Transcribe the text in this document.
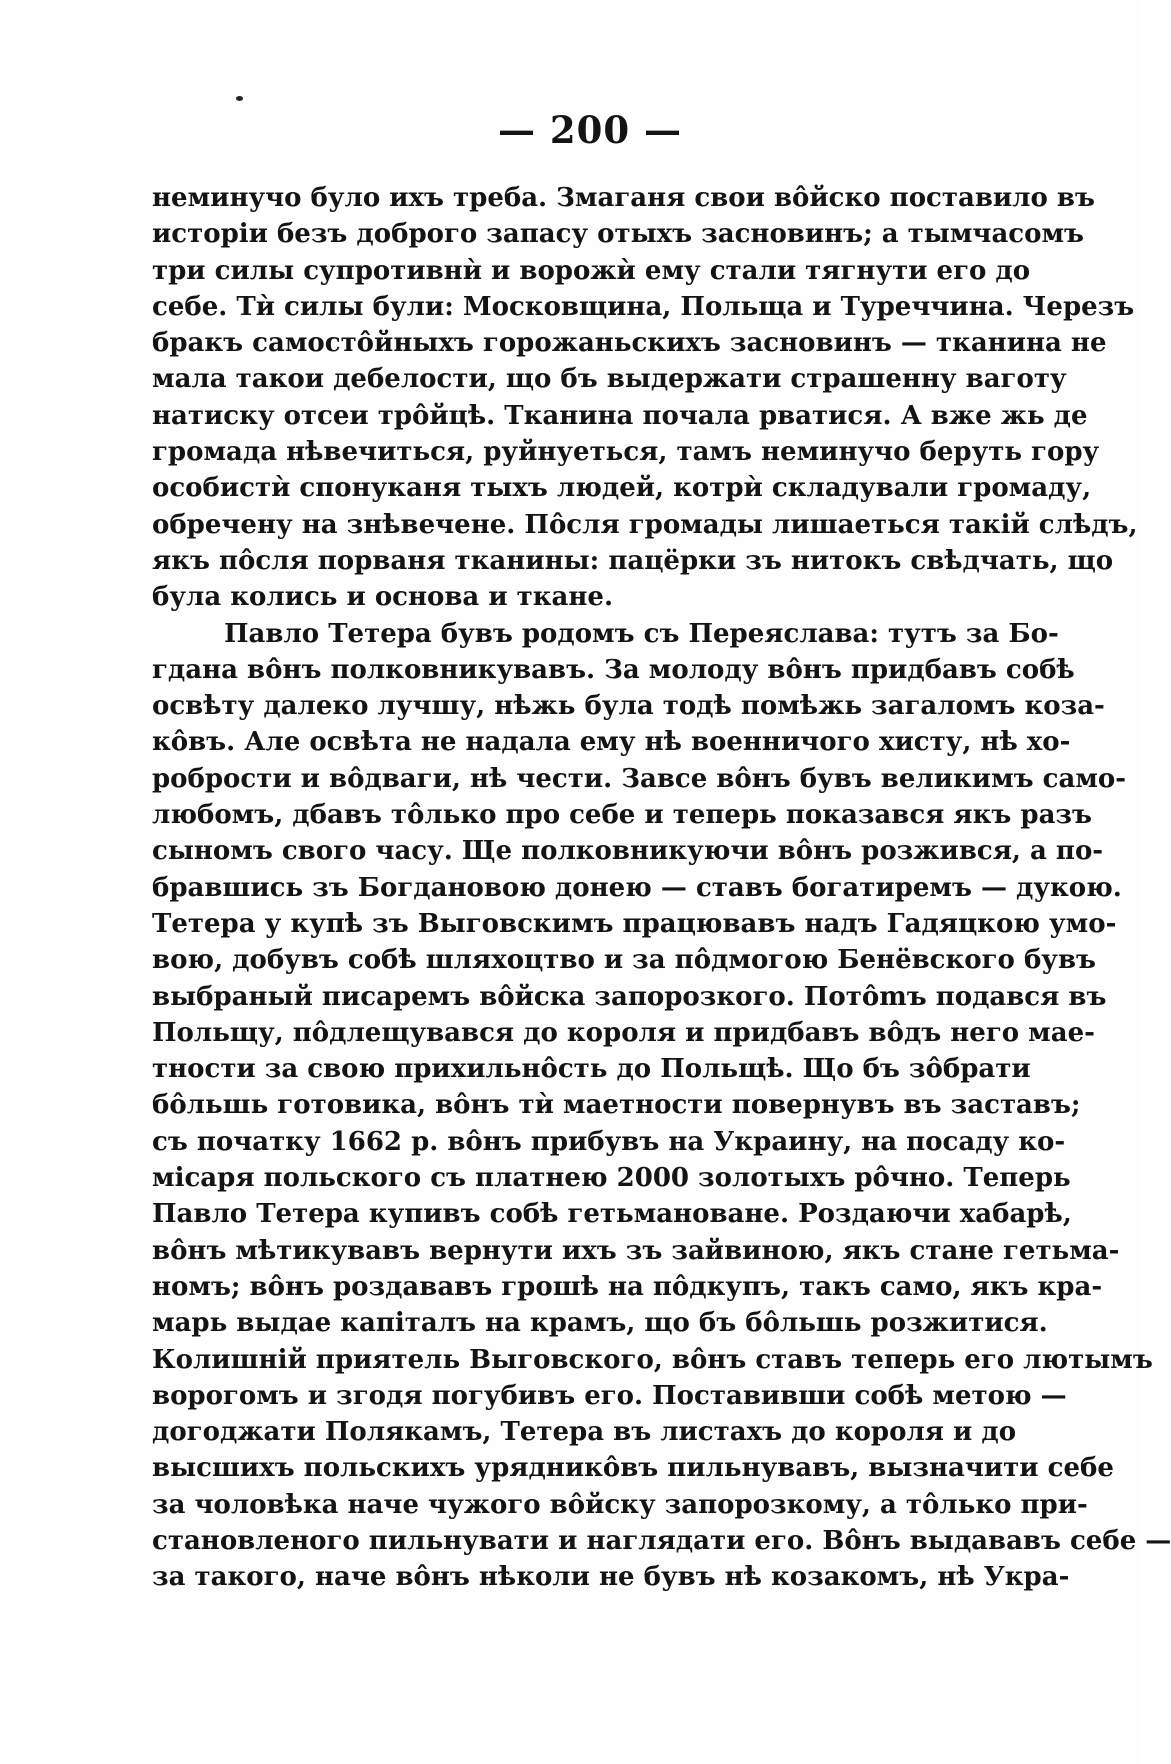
— 200 —
неминучо було ихъ треба. Змаганя свои вôйско поставило въ
исторіи безъ доброго запасу отыхъ засновинъ; а тымчасомъ
три силы супротивнѝ и ворожѝ ему стали тягнути его до
себе. Тѝ силы були: Московщина, Польща и Туреччина. Черезъ
бракъ самостôйныхъ горожаньскихъ засновинъ — тканина не
мала такои дебелости, що бъ выдержати страшенну ваготу
натиску отсеи трôйцѣ. Тканина почала рватися. А вже жь де
громада нѣвечиться, руйнуеться, тамъ неминучо беруть гору
особистѝ спонуканя тыхъ людей, котрѝ складували громаду,
обречену на знѣвечене. Пôсля громады лишаеться такій слѣдъ,
якъ пôсля порваня тканины: пацёрки зъ нитокъ свѣдчать, що
була колись и основа и ткане.
Павло Тетера бувъ родомъ съ Переяслава: тутъ за Бо-
гдана вôнъ полковникувавъ. За молоду вôнъ придбавъ собѣ
освѣту далеко лучшу, нѣжь була тодѣ помѣжь загаломъ коза-
кôвъ. Але освѣта не надала ему нѣ военничого хисту, нѣ хо-
робрости и вôдваги, нѣ чести. Завсе вôнъ бувъ великимъ само-
любомъ, дбавъ тôлько про себе и теперь показався якъ разъ
сыномъ свого часу. Ще полковникуючи вôнъ розжився, а по-
бравшись зъ Богдановою донею — ставъ богатиремъ — дукою.
Тетера у купѣ зъ Выговскимъ працювавъ надъ Гадяцкою умо-
вою, добувъ собѣ шляхоцтво и за пôдмогою Бенёвского бувъ
выбраный писаремъ вôйска запорозкого. Потômъ подався въ
Польщу, пôдлещувався до короля и придбавъ вôдъ него мае-
тности за свою прихильнôсть до Польщѣ. Що бъ зôбрати
бôльшь готовика, вôнъ тѝ маетности повернувъ въ заставъ;
съ початку 1662 р. вôнъ прибувъ на Украину, на посаду ко-
мiсаря польского съ платнею 2000 золотыхъ рôчно. Теперь
Павло Тетера купивъ собѣ гетьманованe. Роздаючи хабарѣ,
вôнъ мѣтикувавъ вернути ихъ зъ зайвиною, якъ стане гетьма-
номъ; вôнъ роздававъ грошѣ на пôдкупъ, такъ само, якъ кра-
марь выдае капiталъ на крамъ, що бъ бôльшь розжитися.
Колишнiй приятель Выговского, вôнъ ставъ теперь его лютымъ
ворогомъ и згодя погубивъ его. Поставивши собѣ метою —
догоджати Полякамъ, Тетера въ листахъ до короля и до
высшихъ польскихъ урядникôвъ пильнувавъ, вызначити себе
за чоловѣка наче чужого вôйску запорозкому, а тôлько при-
становленого пильнувати и наглядати его. Вôнъ выдававъ себе —
за такого, наче вôнъ нѣколи не бувъ нѣ козакомъ, нѣ Укра-
